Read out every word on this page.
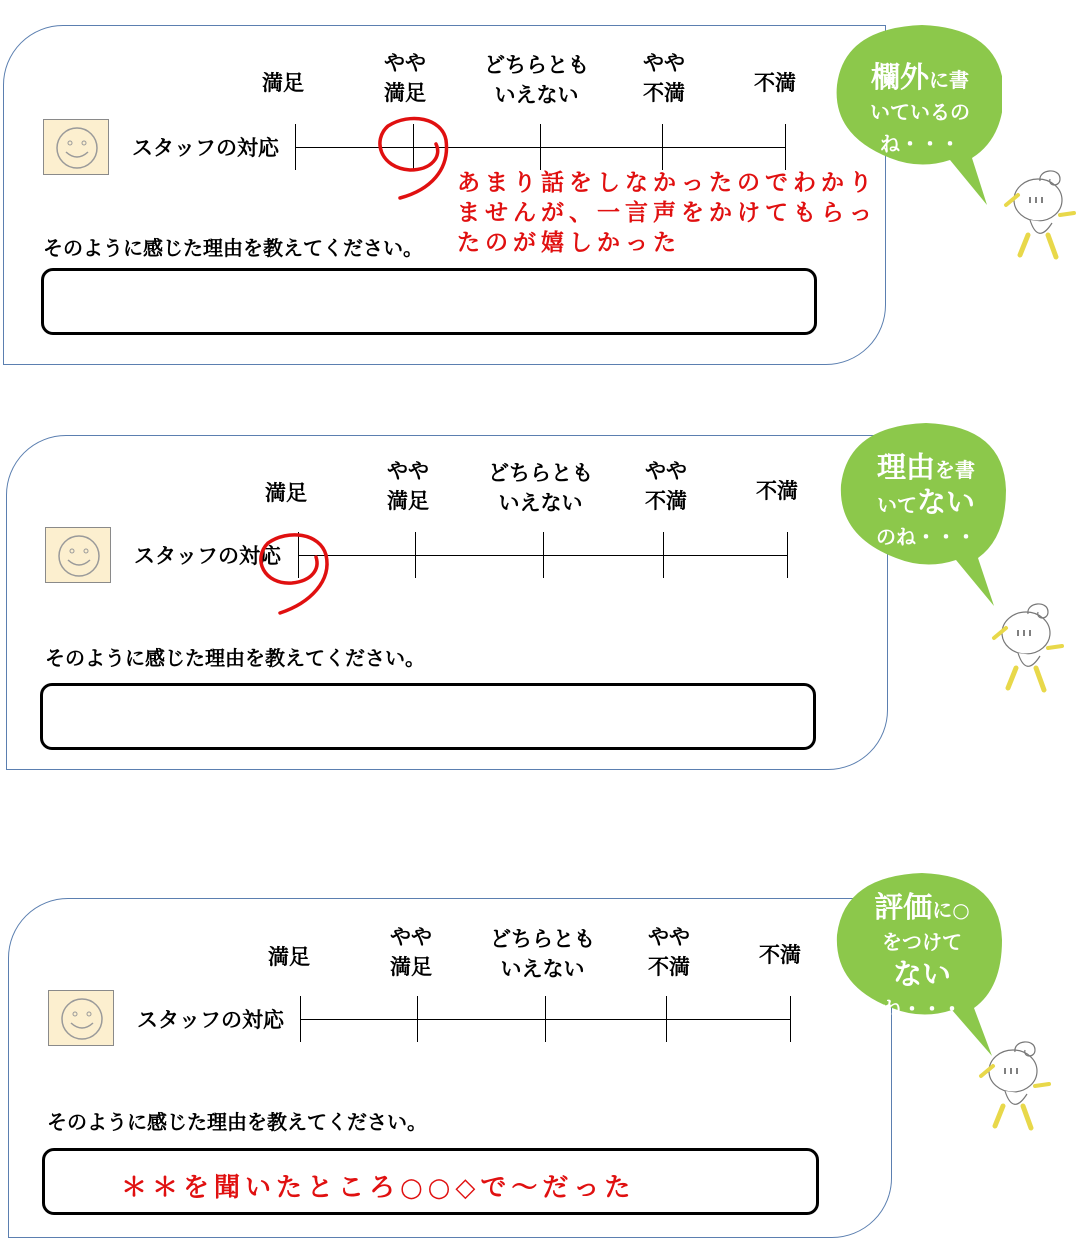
満足
やや
満足
どちらとも
いえない
やや
不満	不満
スタッフの対応
あまり話をしなかったのでわかり
ませんが、一言声をかけてもらっ
たのが嬉しかった
そのように感じた理由を教えてください。
欄外に書
いているの
ね・・・
満足
やや
満足
どちらとも
いえない
やや
不満	不満
スタッフの対応
そのように感じた理由を教えてください。
理由を書
いてない
のね・・・
満足
やや
満足
どちらとも
いえない
やや
不満	不満
スタッフの対応
そのように感じた理由を教えてください。
＊＊を聞いたところ○○◇で～だった
評価に○
をつけて
ない
ね・・・
